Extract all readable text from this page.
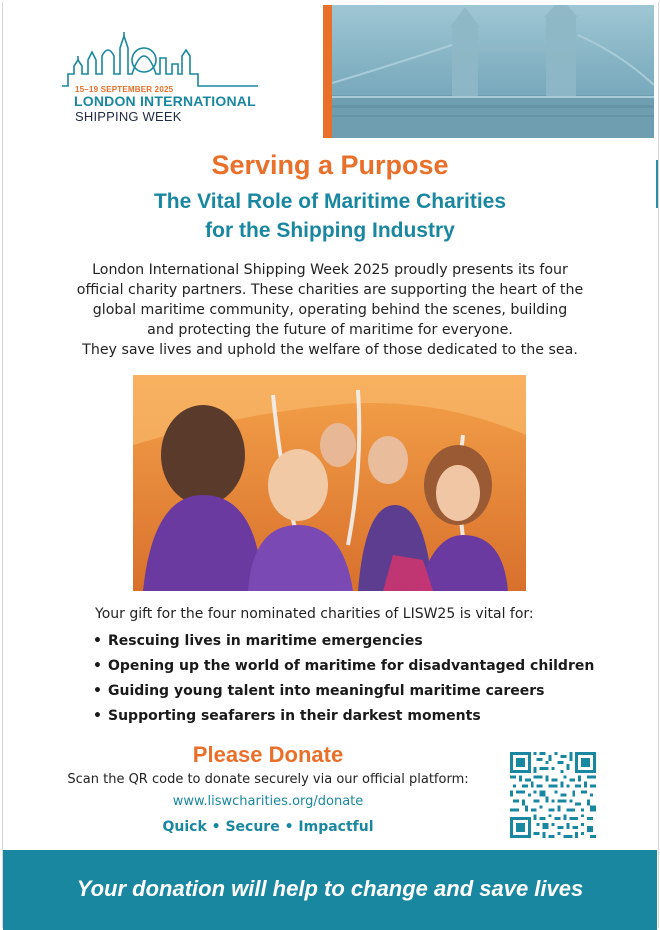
15–19 SEPTEMBER 2025
LONDON INTERNATIONAL
SHIPPING WEEK
Serving a Purpose
The Vital Role of Maritime Charities
for the Shipping Industry
London International Shipping Week 2025 proudly presents its four
official charity partners. These charities are supporting the heart of the
global maritime community, operating behind the scenes, building
and protecting the future of maritime for everyone.
They save lives and uphold the welfare of those dedicated to the sea.
Your gift for the four nominated charities of LISW25 is vital for:
• Rescuing lives in maritime emergencies
• Opening up the world of maritime for disadvantaged children
• Guiding young talent into meaningful maritime careers
• Supporting seafarers in their darkest moments
Please Donate
Scan the QR code to donate securely via our official platform:
www.liswcharities.org/donate
Quick • Secure • Impactful
Your donation will help to change and save lives
